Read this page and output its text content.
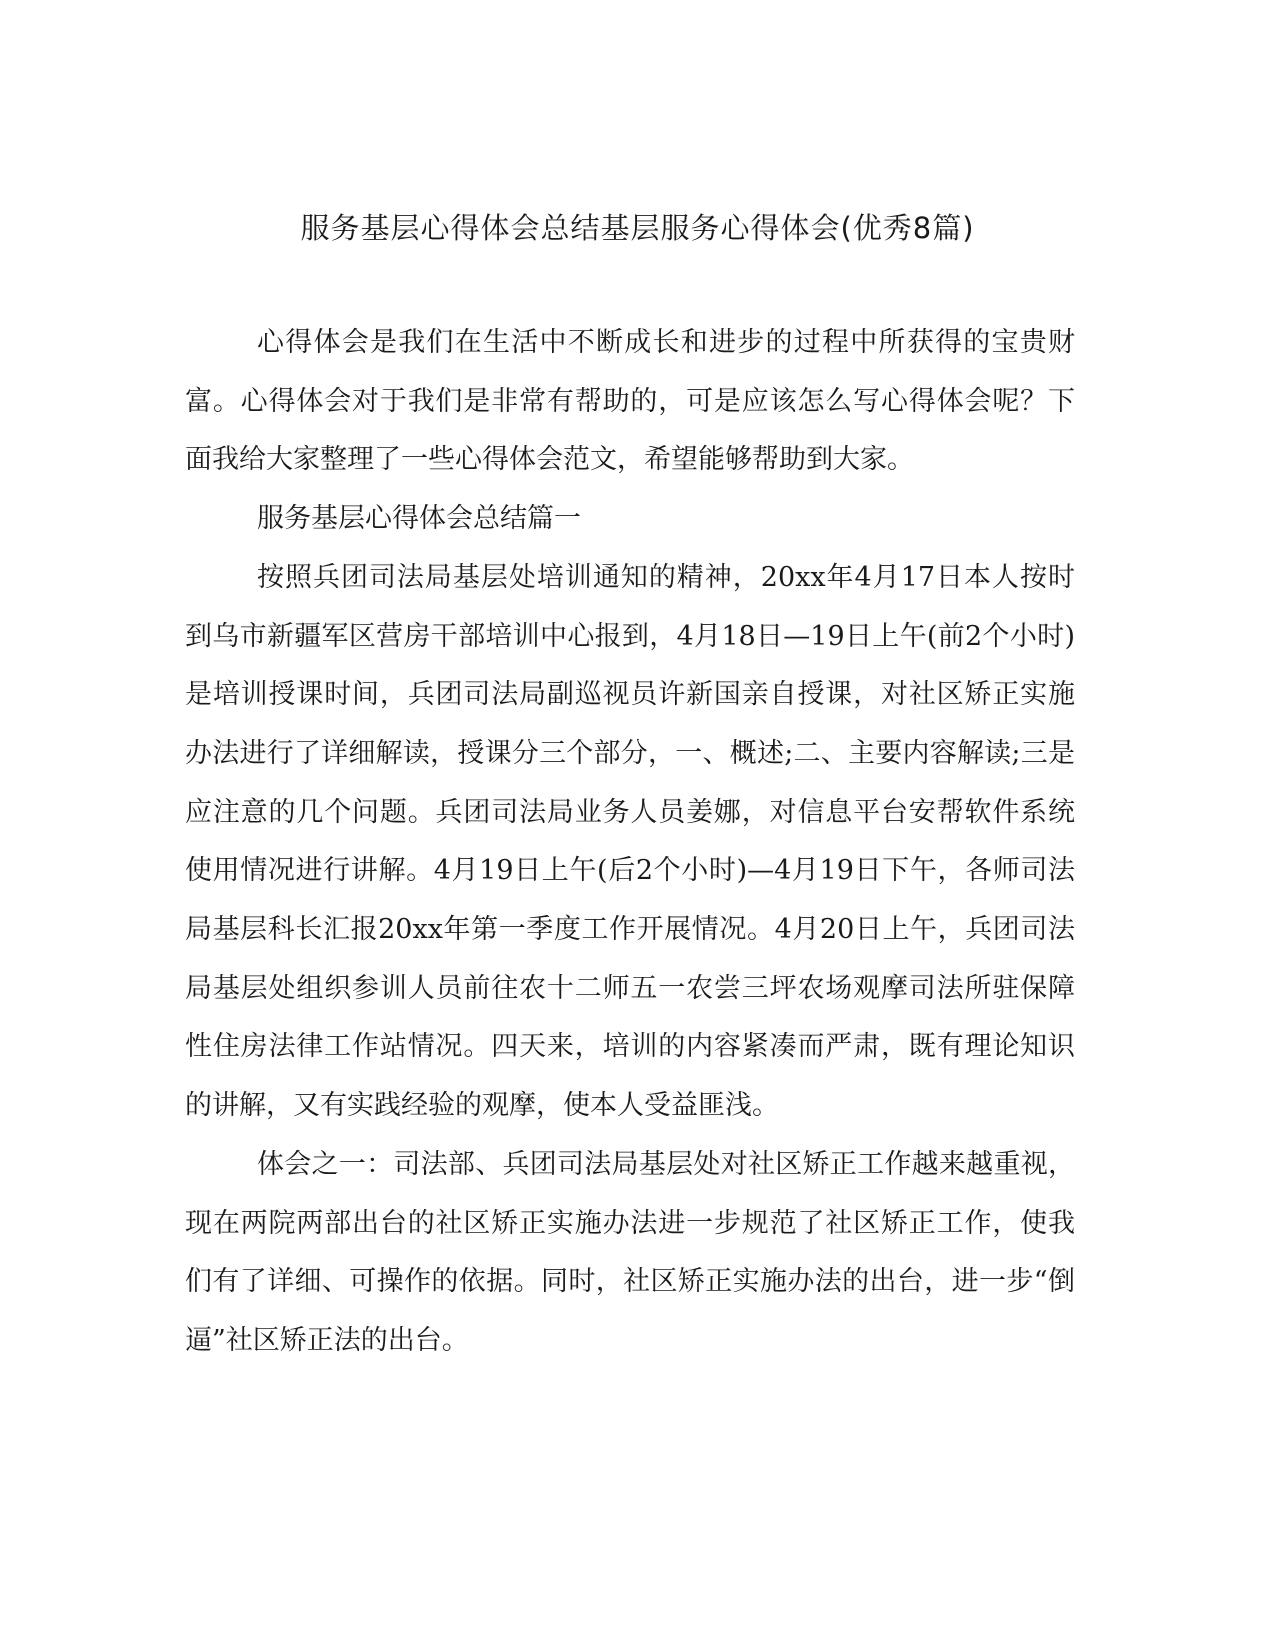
服务基层心得体会总结基层服务心得体会(优秀8篇)

心得体会是我们在生活中不断成长和进步的过程中所获得的宝贵财富。心得体会对于我们是非常有帮助的，可是应该怎么写心得体会呢？下面我给大家整理了一些心得体会范文，希望能够帮助到大家。

服务基层心得体会总结篇一

按照兵团司法局基层处培训通知的精神，20xx年4月17日本人按时到乌市新疆军区营房干部培训中心报到，4月18日—19日上午(前2个小时)是培训授课时间，兵团司法局副巡视员许新国亲自授课，对社区矫正实施办法进行了详细解读，授课分三个部分，一、概述;二、主要内容解读;三是应注意的几个问题。兵团司法局业务人员姜娜，对信息平台安帮软件系统使用情况进行讲解。4月19日上午(后2个小时)—4月19日下午，各师司法局基层科长汇报20xx年第一季度工作开展情况。4月20日上午，兵团司法局基层处组织参训人员前往农十二师五一农尝三坪农场观摩司法所驻保障性住房法律工作站情况。四天来，培训的内容紧凑而严肃，既有理论知识的讲解，又有实践经验的观摩，使本人受益匪浅。

体会之一：司法部、兵团司法局基层处对社区矫正工作越来越重视，现在两院两部出台的社区矫正实施办法进一步规范了社区矫正工作，使我们有了详细、可操作的依据。同时，社区矫正实施办法的出台，进一步“倒逼”社区矫正法的出台。
